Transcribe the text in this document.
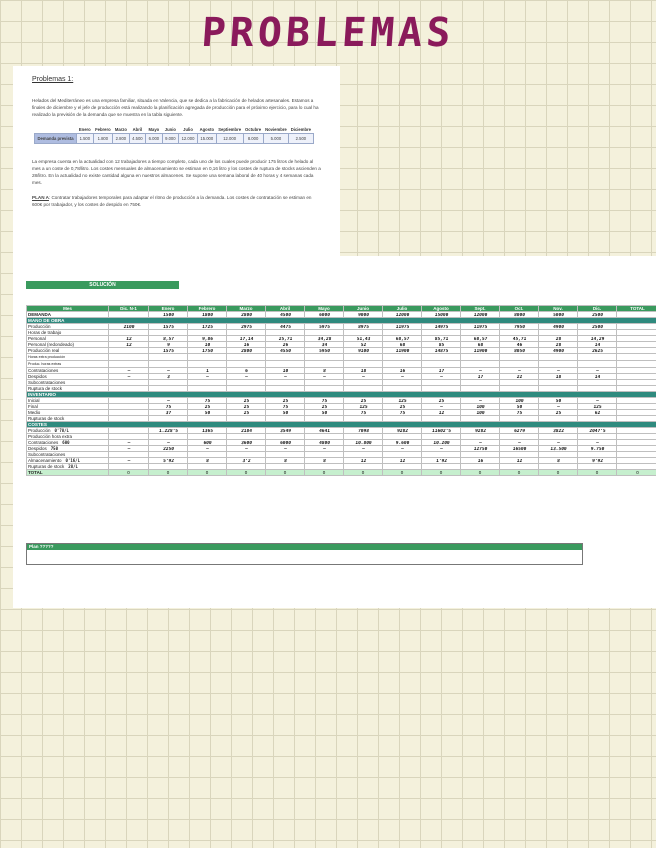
PROBLEMAS
Problemas 1:

Helados del Mediterráneo es una empresa familiar, situada en Valencia, que se dedica a la fabricación de helados artesanales. Estamos a finales de diciembre y el jefe de producción está realizando la planificación agregada de producción para el próximo ejercicio, para lo cual ha realizado la previsión de la demanda que se muestra en la tabla siguiente.

	Enero	Febrero	Marzo	Abril	Mayo	Junio	Julio	Agosto	Septiembre	Octubre	Noviembre	Diciembre
Demanda prevista	1.500	1.800	2.800	4.500	6.000	9.000	12.000	15.000	12.000	8.000	5.000	2.500

La empresa cuenta en la actualidad con 12 trabajadores a tiempo completo, cada uno de los cuales puede producir 175 litros de helado al mes a un coste de 0,78/litro. Los costes mensuales de almacenamiento se estiman en 0,16 litro y los costes de ruptura de stocks ascienden a 28/litro. En la actualidad no existe cantidad alguna en nuestros almacenes. Se supone una semana laboral de 40 horas y 4 semanas cada mes.

PLAN A: Contratar trabajadores temporales para adaptar el ritmo de producción a la demanda. Los costes de contratación se estiman en 600€ por trabajador, y los costes de despido en 750€.

SOLUCIÓN
Mes	Dic. N-1	Enero	Febrero	Marzo	Abril	Mayo	Junio	Julio	Agosto	Sept.	Oct.	Nov.	Dic.	TOTAL
DEMANDA		1500	1800	2800	4500	6000	9000	12000	15000	12000	8000	5000	2500	
MANO DE OBRA														
Producción	2100	1575	1725	2975	4475	5975	8975	11975	14975	11975	7950	4900	2500	
Horas de trabajo														
Personal	12	8,57	9,86	17,14	25,71	34,28	51,43	68,57	85,71	68,57	45,71	28	14,29	
Personal (redondeado)	12	9	10	16	26	34	52	68	85	68	46	28	14	
Producción real		1575	1750	2800	4550	5950	9100	11900	14875	11900	8050	4900	2625	
Horas extra producción														
Produc. horas extras														
Contrataciones	—	—	1	6	10	8	18	16	17	—	—	—	—	
Despidos	—	3	—	—	—	—	—	—	—	17	22	18	14	
Subcontrataciones														
Ruptura de stock														
INVENTARIO														
Inicial		—	75	25	25	75	25	125	25	—	100	50	—	
Final		75	25	25	75	25	125	25	—	100	50	—	125	
Medio		37	50	25	50	50	75	75	12	100	75	25	62	
Rupturas de stock														
COSTES														
Producción 0'78/L		1.228'5	1365	2184	3549	4641	7098	9282	11602'5	9282	6279	3822	2047'5	
Producción hora extra														
Contrataciones 600	—	—	600	3600	6000	4800	10.800	9.600	10.200	—	—	—	—	
Despidos 750	—	2250	—	—	—	—	—	—	—	12750	16500	13.500	9.750	
Subcontrataciones														
Almacenamiento 0'16/L	—	5'92	8	3'2	8	8	12	12	1'92	16	12	8	9'92	
Rupturas de stock 28/L														
TOTAL	0	0	0	0	0	0	0	0	0	0	0	0	0	0
Plan ?????
